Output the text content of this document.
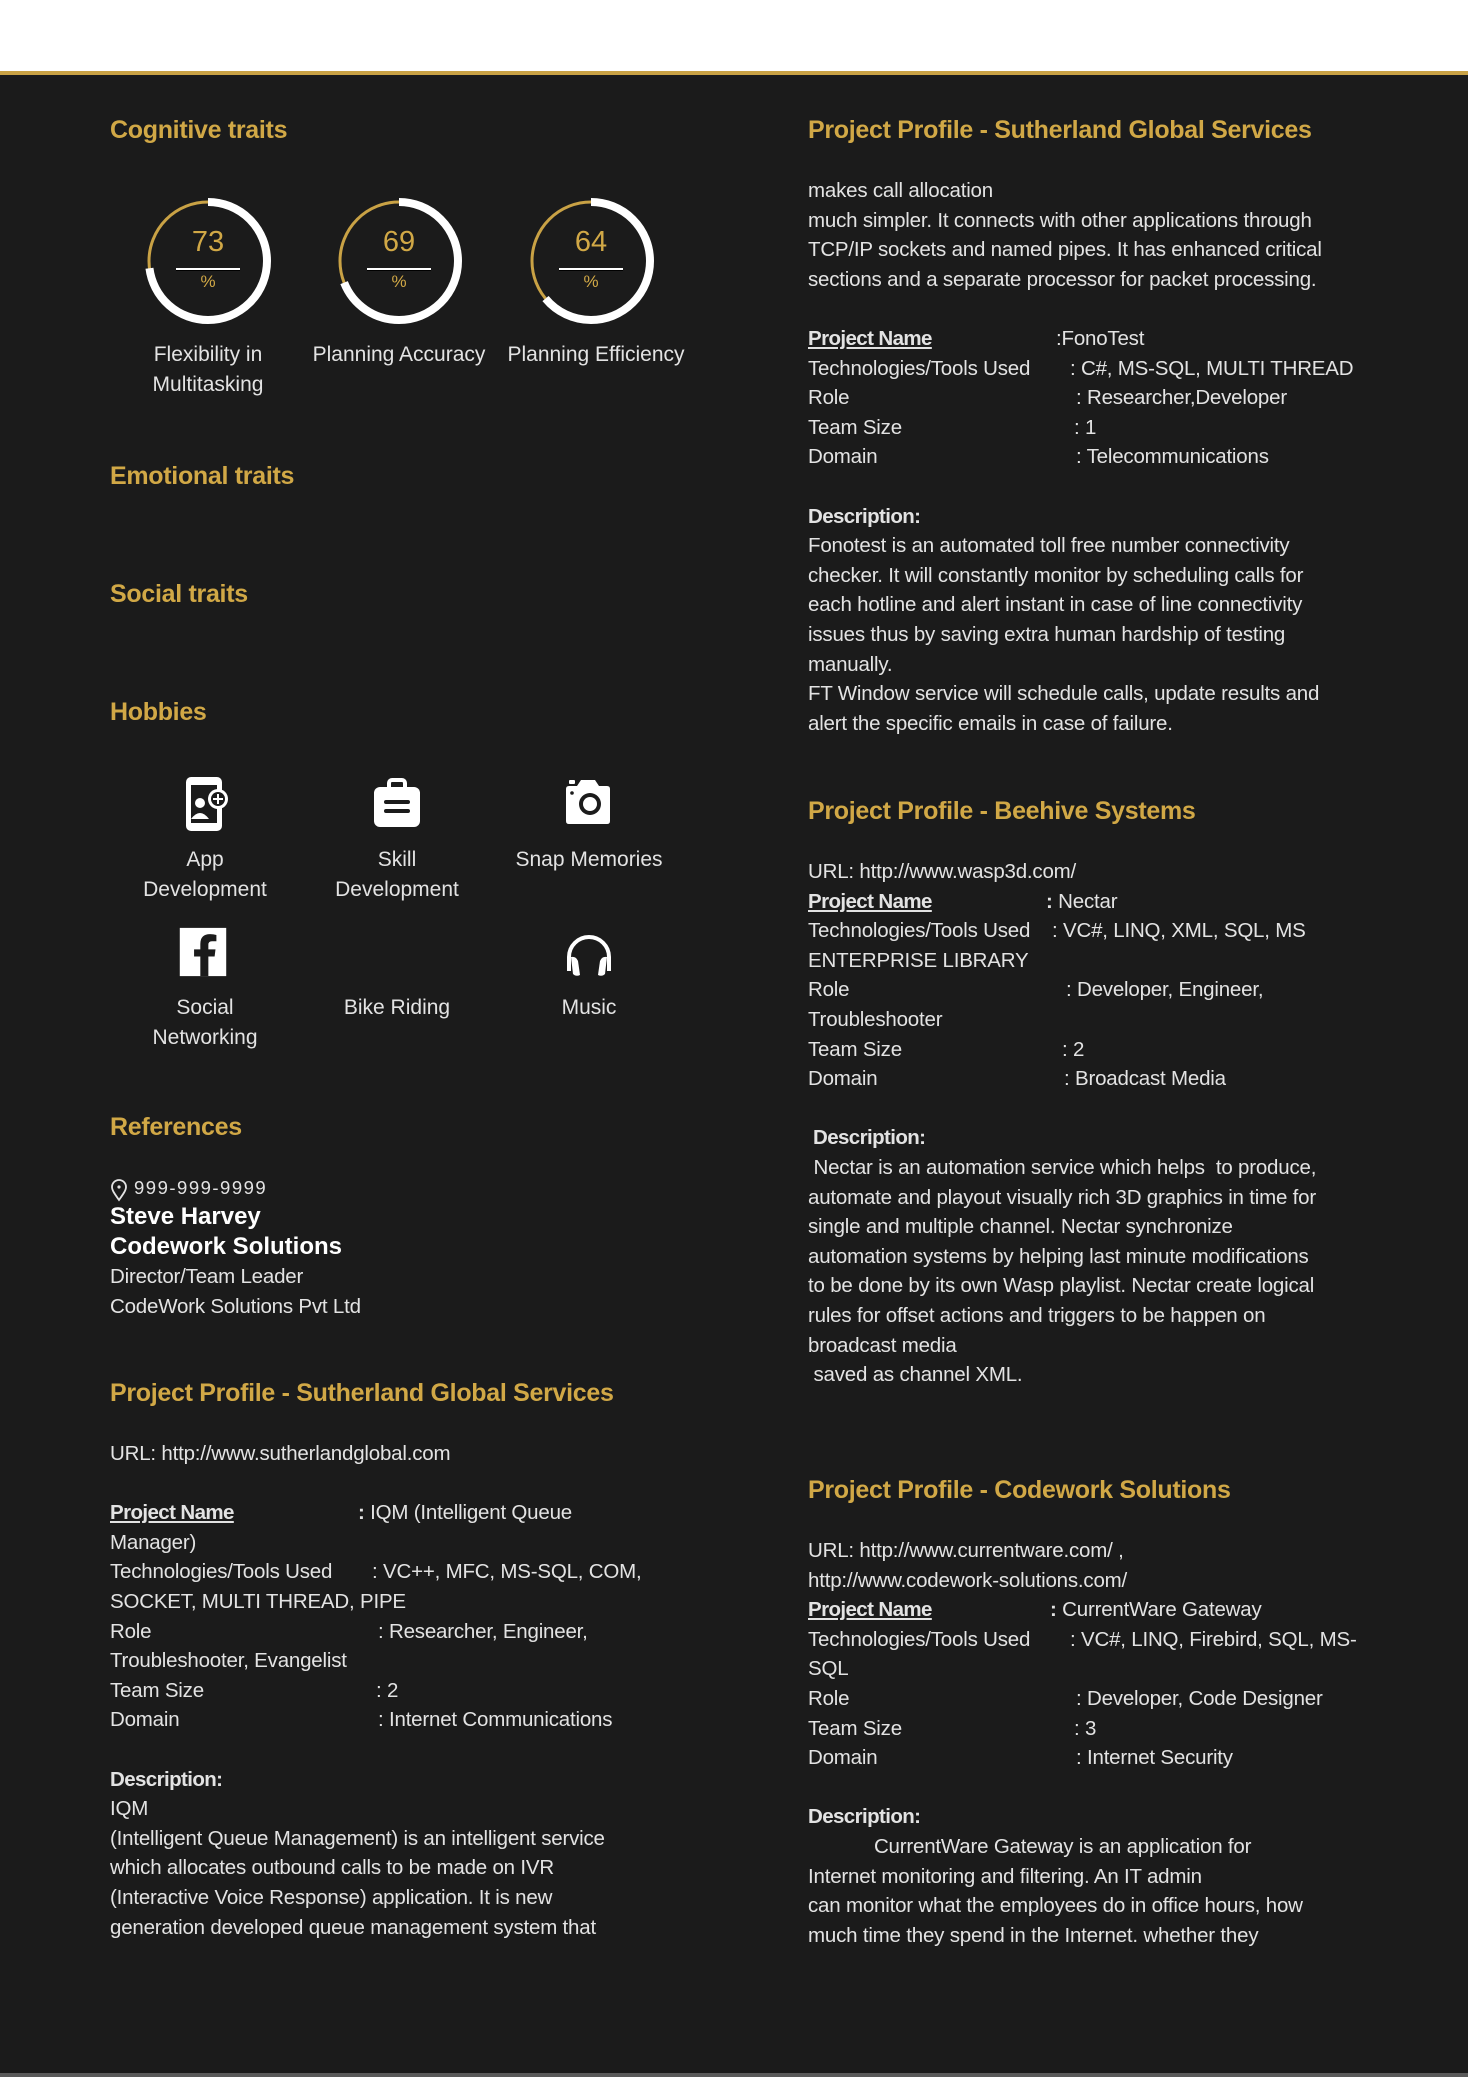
Cognitive traits
73
%
Flexibility in
Multitasking
69
%
Planning Accuracy
64
%
Planning Efficiency
Emotional traits
Social traits
Hobbies
App
Development
Skill
Development
Snap Memories
Social
Networking
Bike Riding	Music
References
999-999-9999
Steve Harvey
Codework Solutions
Director/Team Leader
CodeWork Solutions Pvt Ltd
Project Profile - Sutherland Global Services
URL: http://www.sutherlandglobal.com

Project Name	: IQM (Intelligent Queue
Manager)
Technologies/Tools Used : VC++, MFC, MS-SQL, COM,
SOCKET, MULTI THREAD, PIPE
Role	: Researcher, Engineer,
Troubleshooter, Evangelist
Team Size	: 2
Domain	: Internet Communications

Description:
IQM
(Intelligent Queue Management) is an intelligent service
which allocates outbound calls to be made on IVR
(Interactive Voice Response) application. It is new
generation developed queue management system that
Project Profile - Sutherland Global Services
makes call allocation
much simpler. It connects with other applications through
TCP/IP sockets and named pipes. It has enhanced critical
sections and a separate processor for packet processing.

Project Name	:FonoTest
Technologies/Tools Used : C#, MS-SQL, MULTI THREAD
Role	: Researcher,Developer
Team Size	: 1
Domain	: Telecommunications

Description:
Fonotest is an automated toll free number connectivity
checker. It will constantly monitor by scheduling calls for
each hotline and alert instant in case of line connectivity
issues thus by saving extra human hardship of testing
manually.
FT Window service will schedule calls, update results and
alert the specific emails in case of failure.
Project Profile - Beehive Systems
URL: http://www.wasp3d.com/
Project Name	: Nectar
Technologies/Tools Used : VC#, LINQ, XML, SQL, MS
ENTERPRISE LIBRARY
Role	: Developer, Engineer,
Troubleshooter
Team Size	: 2
Domain	: Broadcast Media

Description:
Nectar is an automation service which helps  to produce,
automate and playout visually rich 3D graphics in time for
single and multiple channel. Nectar synchronize
automation systems by helping last minute modifications
to be done by its own Wasp playlist. Nectar create logical
rules for offset actions and triggers to be happen on
broadcast media
saved as channel XML.
Project Profile - Codework Solutions
URL: http://www.currentware.com/ ,
http://www.codework-solutions.com/
Project Name	: CurrentWare Gateway
Technologies/Tools Used : VC#, LINQ, Firebird, SQL, MS-
SQL
Role	: Developer, Code Designer
Team Size	: 3
Domain	: Internet Security

Description:
CurrentWare Gateway is an application for
Internet monitoring and filtering. An IT admin
can monitor what the employees do in office hours, how
much time they spend in the Internet. whether they
